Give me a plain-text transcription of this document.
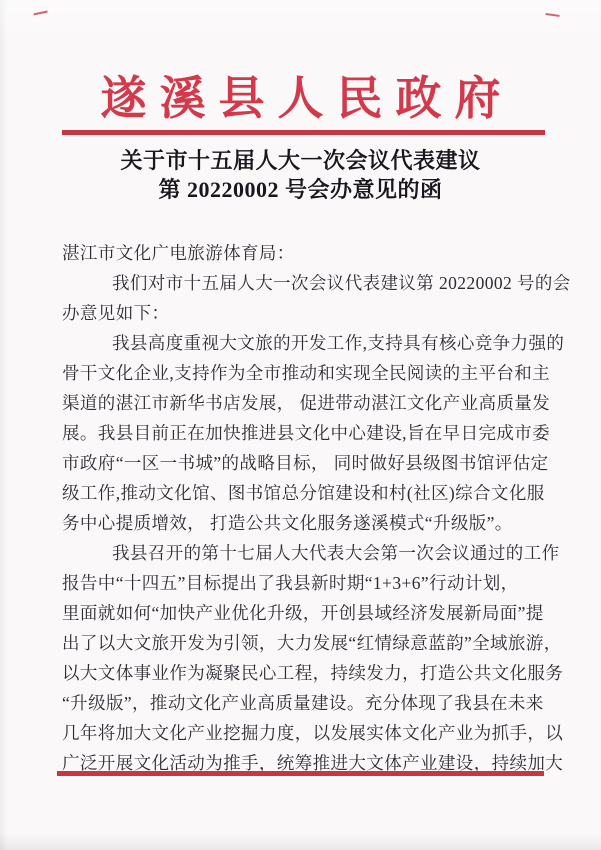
遂溪县人民政府
关于市十五届人大一次会议代表建议
第 20220002 号会办意见的函
湛江市文化广电旅游体育局：
我们对市十五届人大一次会议代表建议第 20220002 号的会
办意见如下：
我县高度重视大文旅的开发工作,支持具有核心竞争力强的
骨干文化企业,支持作为全市推动和实现全民阅读的主平台和主
渠道的湛江市新华书店发展， 促进带动湛江文化产业高质量发
展。我县目前正在加快推进县文化中心建设,旨在早日完成市委
市政府“一区一书城”的战略目标， 同时做好县级图书馆评估定
级工作,推动文化馆、图书馆总分馆建设和村(社区)综合文化服
务中心提质增效， 打造公共文化服务遂溪模式“升级版”。
我县召开的第十七届人大代表大会第一次会议通过的工作
报告中“十四五”目标提出了我县新时期“1+3+6”行动计划，
里面就如何“加快产业优化升级，开创县域经济发展新局面”提
出了以大文旅开发为引领，大力发展“红情绿意蓝韵”全域旅游，
以大文体事业作为凝聚民心工程，持续发力，打造公共文化服务
“升级版”，推动文化产业高质量建设。充分体现了我县在未来
几年将加大文化产业挖掘力度，以发展实体文化产业为抓手，以
广泛开展文化活动为推手，统筹推进大文体产业建设，持续加大
